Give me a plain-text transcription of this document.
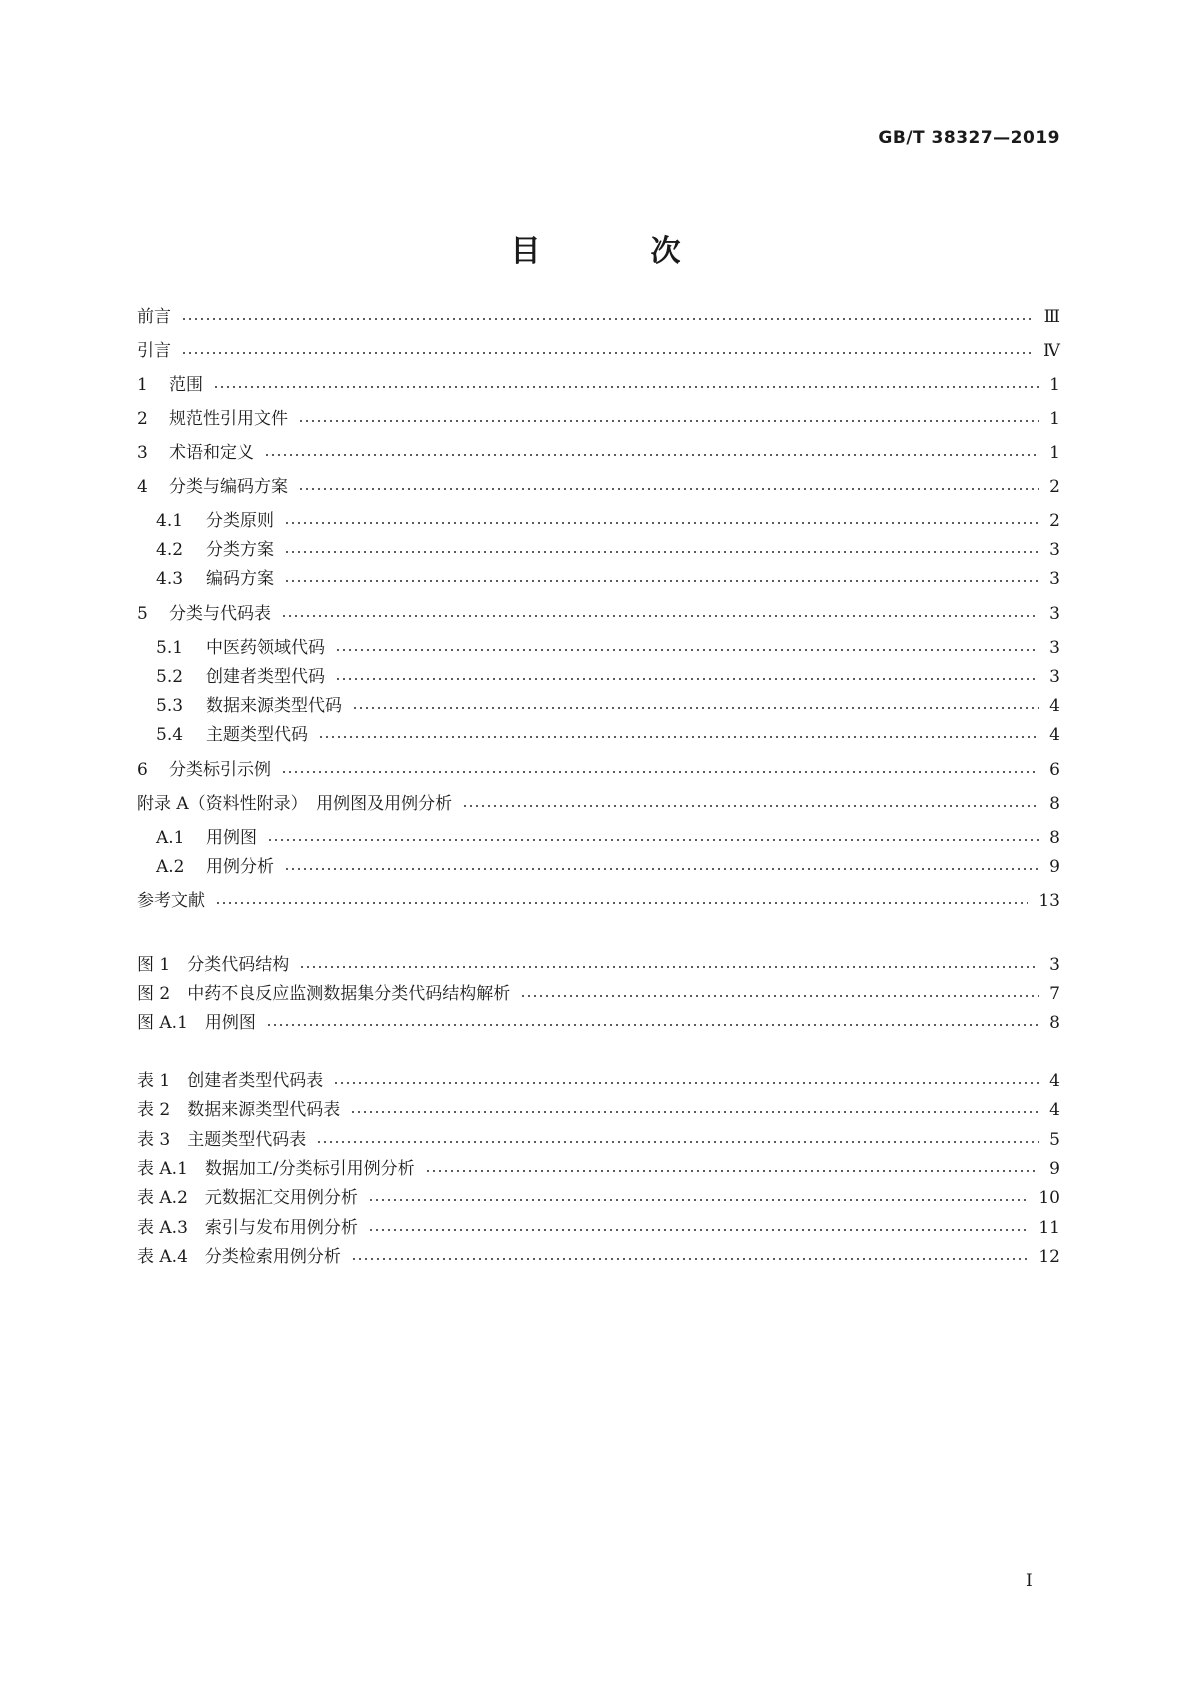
GB/T 38327—2019
目　次
前言	Ⅲ
引言	Ⅳ
1 范围	1
2 规范性引用文件	1
3 术语和定义	1
4 分类与编码方案	2
4.1 分类原则	2
4.2 分类方案	3
4.3 编码方案	3
5 分类与代码表	3
5.1 中医药领域代码	3
5.2 创建者类型代码	3
5.3 数据来源类型代码	4
5.4 主题类型代码	4
6 分类标引示例	6
附录 A（资料性附录）　用例图及用例分析	8
A.1 用例图	8
A.2 用例分析	9
参考文献	13
图 1　分类代码结构	3
图 2　中药不良反应监测数据集分类代码结构解析	7
图 A.1　用例图	8
表 1　创建者类型代码表	4
表 2　数据来源类型代码表	4
表 3　主题类型代码表	5
表 A.1　数据加工/分类标引用例分析	9
表 A.2　元数据汇交用例分析	10
表 A.3　索引与发布用例分析	11
表 A.4　分类检索用例分析	12
I
